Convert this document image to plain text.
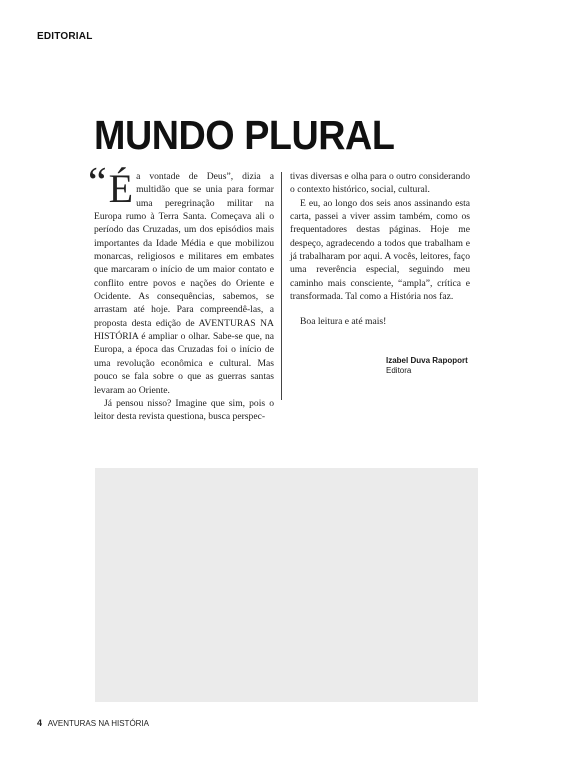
EDITORIAL
MUNDO PLURAL

“ É a vontade de Deus”, dizia a multidão que se unia para formar uma peregrinação militar na Europa rumo à Terra Santa. Começava ali o período das Cruzadas, um dos episódios mais importantes da Idade Média e que mobilizou monarcas, religiosos e militares em embates que marcaram o início de um maior contato e conflito entre povos e nações do Oriente e Ocidente. As consequências, sabemos, se arrastam até hoje. Para compreendê-las, a proposta desta edição de AVENTURAS NA HISTÓRIA é ampliar o olhar. Sabe-se que, na Europa, a época das Cruzadas foi o início de uma revolução econômica e cultural. Mas pouco se fala sobre o que as guerras santas levaram ao Oriente.

Já pensou nisso? Imagine que sim, pois o leitor desta revista questiona, busca perspec-

tivas diversas e olha para o outro considerando o contexto histórico, social, cultural.

E eu, ao longo dos seis anos assinando esta carta, passei a viver assim também, como os frequentadores destas páginas. Hoje me despeço, agradecendo a todos que trabalham e já trabalharam por aqui. A vocês, leitores, faço uma reverência especial, seguindo meu caminho mais consciente, “ampla”, crítica e transformada. Tal como a História nos faz.

Boa leitura e até mais!

Izabel Duva Rapoport
Editora
4 AVENTURAS NA HISTÓRIA
